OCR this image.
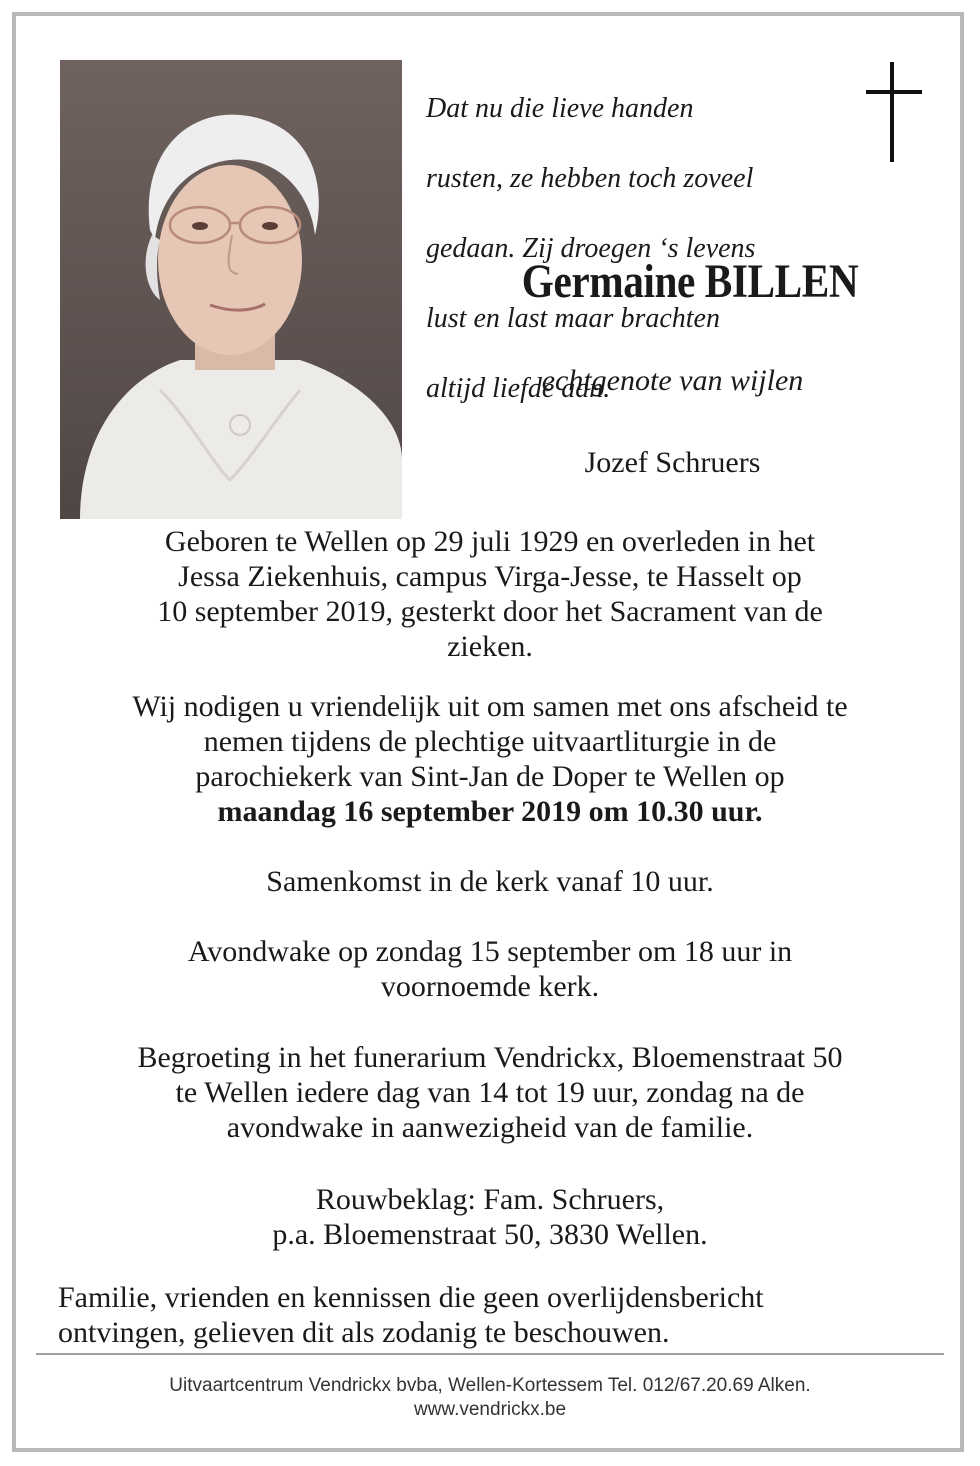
Dat nu die lieve handen

rusten, ze hebben toch zoveel

gedaan. Zij droegen ‘s levens

lust en last maar brachten

altijd liefde aan.

Germaine BILLEN
echtgenote van wijlen
Jozef Schruers
Geboren te Wellen op 29 juli 1929 en overleden in het
Jessa Ziekenhuis, campus Virga-Jesse, te Hasselt op
10 september 2019, gesterkt door het Sacrament van de
zieken.
Wij nodigen u vriendelijk uit om samen met ons afscheid te
nemen tijdens de plechtige uitvaartliturgie in de
parochiekerk van Sint-Jan de Doper te Wellen op
maandag 16 september 2019 om 10.30 uur.
Samenkomst in de kerk vanaf 10 uur.
Avondwake op zondag 15 september om 18 uur in
voornoemde kerk.
Begroeting in het funerarium Vendrickx, Bloemenstraat 50
te Wellen iedere dag van 14 tot 19 uur, zondag na de
avondwake in aanwezigheid van de familie.
Rouwbeklag: Fam. Schruers,
p.a. Bloemenstraat 50, 3830 Wellen.
Familie, vrienden en kennissen die geen overlijdensbericht
ontvingen, gelieven dit als zodanig te beschouwen.
Uitvaartcentrum Vendrickx bvba, Wellen-Kortessem Tel. 012/67.20.69 Alken.
www.vendrickx.be
